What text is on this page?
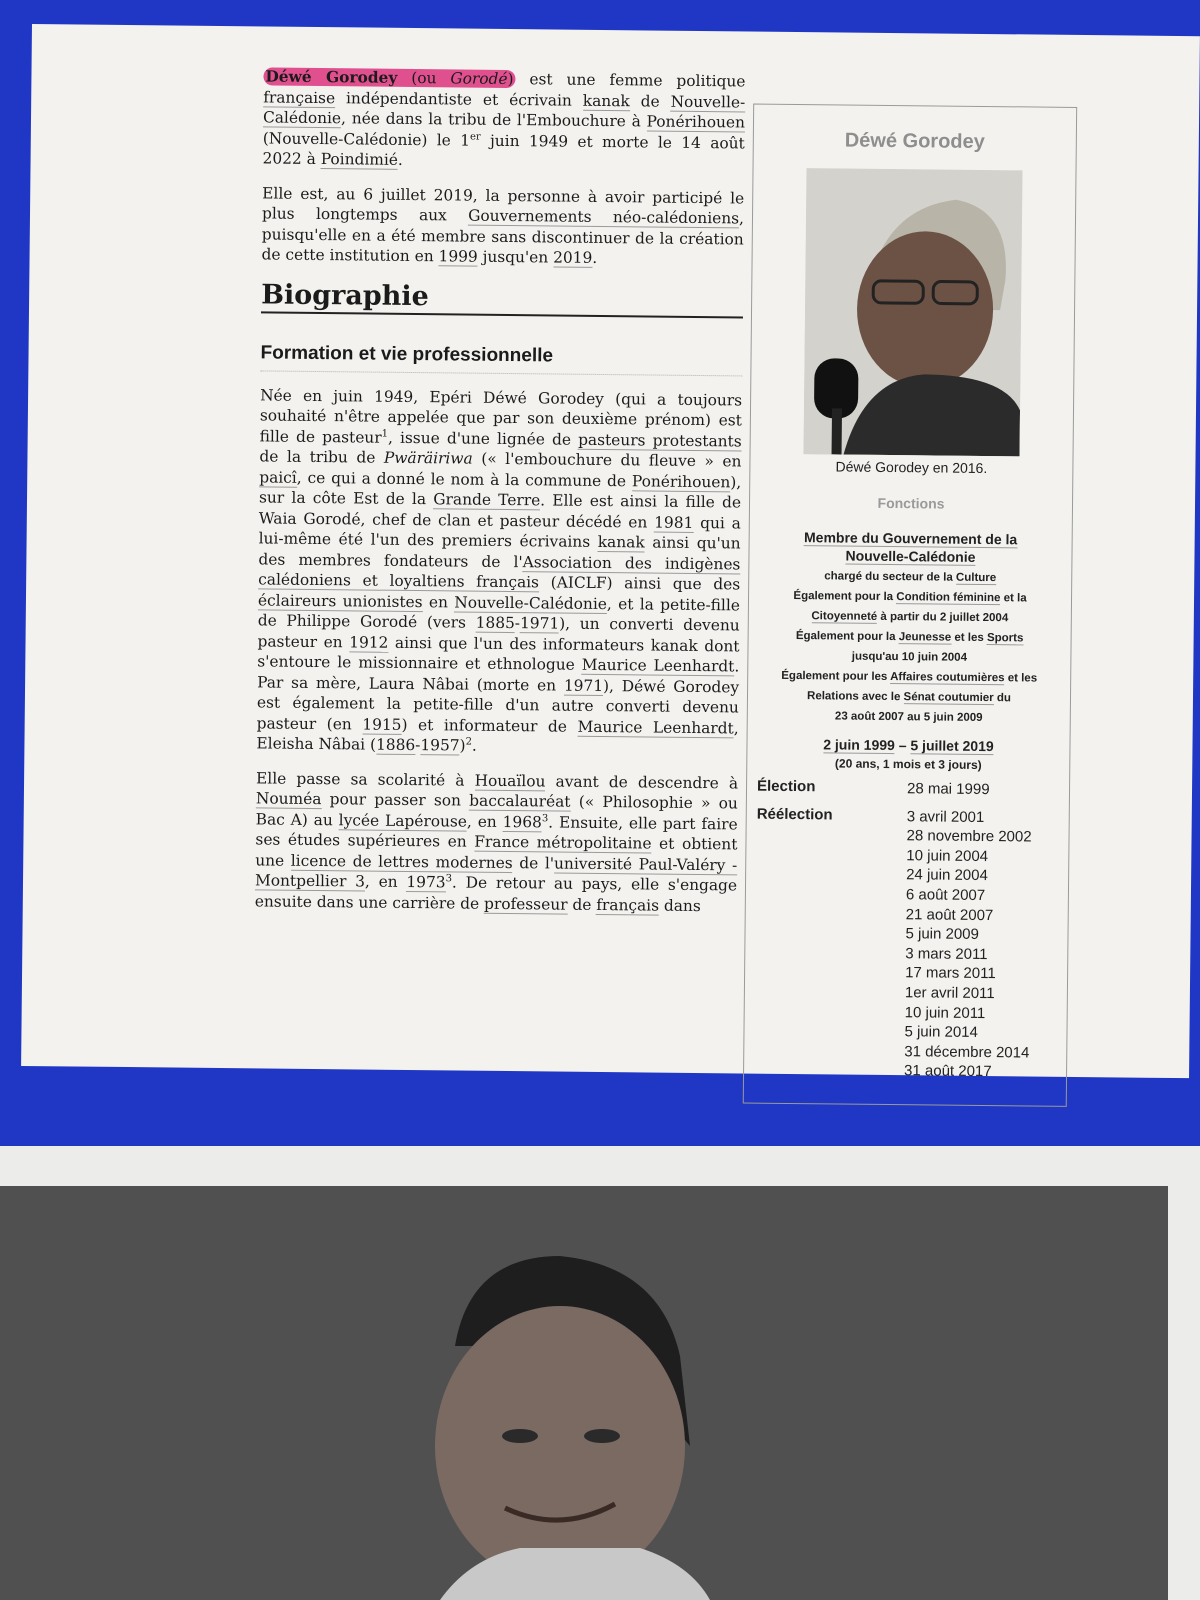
Déwé Gorodey (ou Gorodé) est une femme politique française indépendantiste et écrivain kanak de Nouvelle-Calédonie, née dans la tribu de l'Embouchure à Ponérihouen (Nouvelle-Calédonie) le 1er juin 1949 et morte le 14 août 2022 à Poindimié.

Elle est, au 6 juillet 2019, la personne à avoir participé le plus longtemps aux Gouvernements néo-calédoniens, puisqu'elle en a été membre sans discontinuer de la création de cette institution en 1999 jusqu'en 2019.

Biographie
Formation et vie professionnelle

Née en juin 1949, Epéri Déwé Gorodey (qui a toujours souhaité n'être appelée que par son deuxième prénom) est fille de pasteur$^1$, issue d'une lignée de pasteurs protestants de la tribu de Pwäräiriwa (« l'embouchure du fleuve » en paicî, ce qui a donné le nom à la commune de Ponérihouen), sur la côte Est de la Grande Terre. Elle est ainsi la fille de Waia Gorodé, chef de clan et pasteur décédé en 1981 qui a lui-même été l'un des premiers écrivains kanak ainsi qu'un des membres fondateurs de l'Association des indigènes calédoniens et loyaltiens français (AICLF) ainsi que des éclaireurs unionistes en Nouvelle-Calédonie, et la petite-fille de Philippe Gorodé (vers 1885-1971), un converti devenu pasteur en 1912 ainsi que l'un des informateurs kanak dont s'entoure le missionnaire et ethnologue Maurice Leenhardt. Par sa mère, Laura Nâbai (morte en 1971), Déwé Gorodey est également la petite-fille d'un autre converti devenu pasteur (en 1915) et informateur de Maurice Leenhardt, Eleisha Nâbai (1886-1957)$^2$.

Elle passe sa scolarité à Houaïlou avant de descendre à Nouméa pour passer son baccalauréat (« Philosophie » ou Bac A) au lycée Lapérouse, en 1968$^3$. Ensuite, elle part faire ses études supérieures en France métropolitaine et obtient une licence de lettres modernes de l'université Paul-Valéry - Montpellier 3, en 1973$^3$. De retour au pays, elle s'engage ensuite dans une carrière de professeur de français dans

Déwé Gorodey
Déwé Gorodey en 2016.
Fonctions
Membre du Gouvernement de la
Nouvelle-Calédonie
chargé du secteur de la Culture
Également pour la Condition féminine et la
Citoyenneté à partir du 2 juillet 2004
Également pour la Jeunesse et les Sports
jusqu'au 10 juin 2004
Également pour les Affaires coutumières et les
Relations avec le Sénat coutumier du
23 août 2007 au 5 juin 2009
2 juin 1999 – 5 juillet 2019
(20 ans, 1 mois et 3 jours)
Élection	28 mai 1999
Réélection	3 avril 2001
28 novembre 2002
10 juin 2004
24 juin 2004
6 août 2007
21 août 2007
5 juin 2009
3 mars 2011
17 mars 2011
1er avril 2011
10 juin 2011
5 juin 2014
31 décembre 2014
31 août 2017
